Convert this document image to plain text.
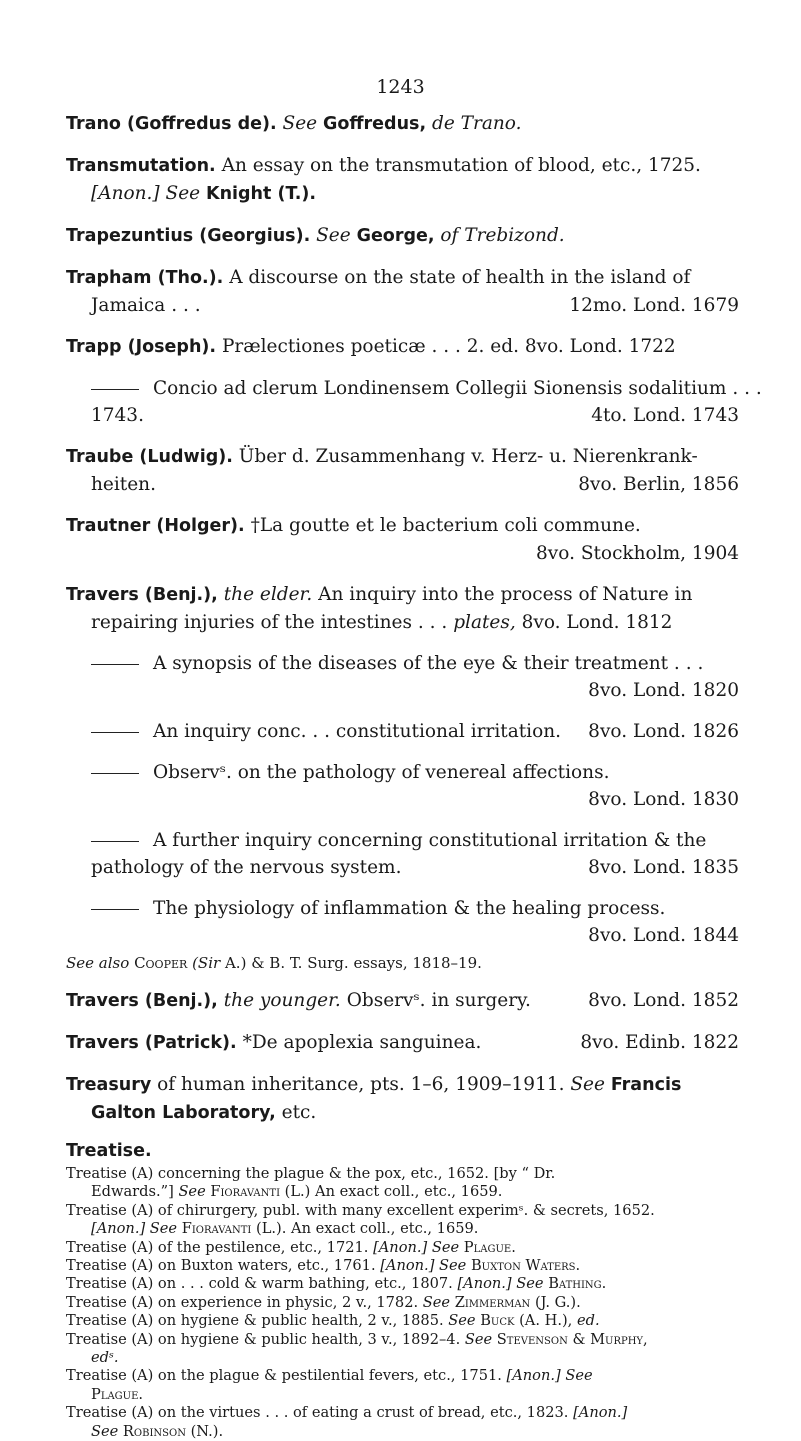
1243
Trano (Goffredus de). See Goffredus, de Trano.
Transmutation. An essay on the transmutation of blood, etc., 1725.
[Anon.] See Knight (T.).
Trapezuntius (Georgius). See George, of Trebizond.
Trapham (Tho.). A discourse on the state of health in the island of
Jamaica . . .	12mo. Lond. 1679
Trapp (Joseph). Prælectiones poeticæ . . . 2. ed. 8vo. Lond. 1722
Concio ad clerum Londinensem Collegii Sionensis sodalitium . . .
1743.	4to. Lond. 1743
Traube (Ludwig). Über d. Zusammenhang v. Herz- u. Nierenkrank-
heiten.	8vo. Berlin, 1856
Trautner (Holger). †La goutte et le bacterium coli commune.
8vo. Stockholm, 1904
Travers (Benj.), the elder. An inquiry into the process of Nature in
repairing injuries of the intestines . . . plates, 8vo. Lond. 1812
A synopsis of the diseases of the eye & their treatment . . .
8vo. Lond. 1820
An inquiry conc. . . constitutional irritation. 8vo. Lond. 1826
Observˢ. on the pathology of venereal affections.
8vo. Lond. 1830
A further inquiry concerning constitutional irritation & the
pathology of the nervous system.	8vo. Lond. 1835
The physiology of inflammation & the healing process.
8vo. Lond. 1844
See also Cooper (Sir A.) & B. T. Surg. essays, 1818–19.
Travers (Benj.), the younger. Observˢ. in surgery.	8vo. Lond. 1852
Travers (Patrick). *De apoplexia sanguinea.	8vo. Edinb. 1822
Treasury of human inheritance, pts. 1–6, 1909–1911. See Francis
Galton Laboratory, etc.
Treatise.
Treatise (A) concerning the plague & the pox, etc., 1652. [by “ Dr.
Edwards.”] See Fioravanti (L.) An exact coll., etc., 1659.
Treatise (A) of chirurgery, publ. with many excellent experimˢ. & secrets, 1652.
[Anon.] See Fioravanti (L.). An exact coll., etc., 1659.
Treatise (A) of the pestilence, etc., 1721. [Anon.] See Plague.
Treatise (A) on Buxton waters, etc., 1761. [Anon.] See Buxton Waters.
Treatise (A) on . . . cold & warm bathing, etc., 1807. [Anon.] See Bathing.
Treatise (A) on experience in physic, 2 v., 1782. See Zimmerman (J. G.).
Treatise (A) on hygiene & public health, 2 v., 1885. See Buck (A. H.), ed.
Treatise (A) on hygiene & public health, 3 v., 1892–4. See Stevenson & Murphy,
edˢ.
Treatise (A) on the plague & pestilential fevers, etc., 1751. [Anon.] See
Plague.
Treatise (A) on the virtues . . . of eating a crust of bread, etc., 1823. [Anon.]
See Robinson (N.).
